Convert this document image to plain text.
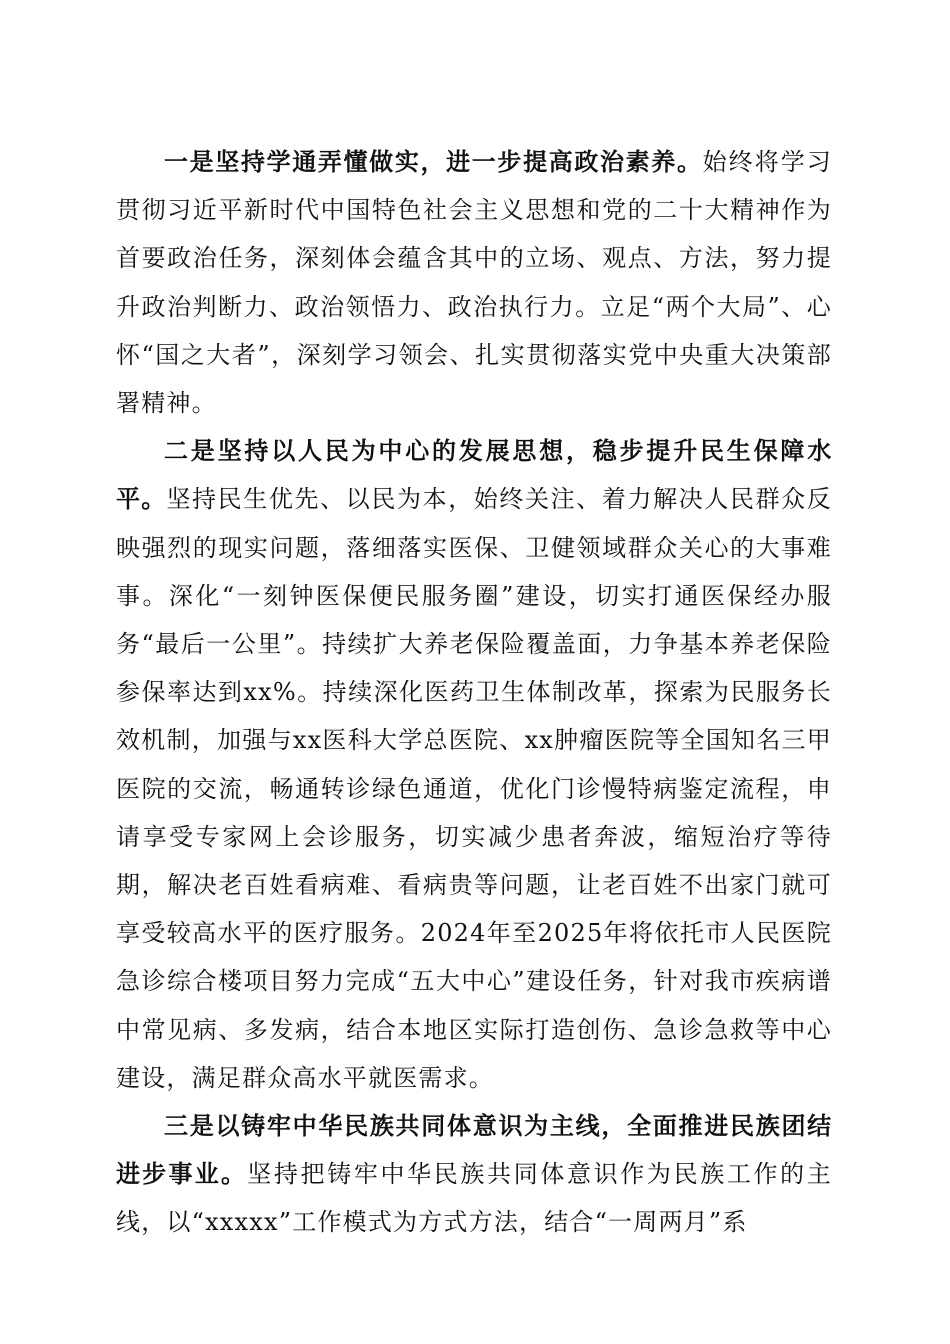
一是坚持学通弄懂做实，进一步提高政治素养。始终将学习贯彻习近平新时代中国特色社会主义思想和党的二十大精神作为首要政治任务，深刻体会蕴含其中的立场、观点、方法，努力提升政治判断力、政治领悟力、政治执行力。立足“两个大局”、心怀“国之大者”，深刻学习领会、扎实贯彻落实党中央重大决策部署精神。

二是坚持以人民为中心的发展思想，稳步提升民生保障水平。坚持民生优先、以民为本，始终关注、着力解决人民群众反映强烈的现实问题，落细落实医保、卫健领域群众关心的大事难事。深化“一刻钟医保便民服务圈”建设，切实打通医保经办服务“最后一公里”。持续扩大养老保险覆盖面，力争基本养老保险参保率达到xx%。持续深化医药卫生体制改革，探索为民服务长效机制，加强与xx医科大学总医院、xx肿瘤医院等全国知名三甲医院的交流，畅通转诊绿色通道，优化门诊慢特病鉴定流程，申请享受专家网上会诊服务，切实减少患者奔波，缩短治疗等待期，解决老百姓看病难、看病贵等问题，让老百姓不出家门就可享受较高水平的医疗服务。2024年至2025年将依托市人民医院急诊综合楼项目努力完成“五大中心”建设任务，针对我市疾病谱中常见病、多发病，结合本地区实际打造创伤、急诊急救等中心建设，满足群众高水平就医需求。

三是以铸牢中华民族共同体意识为主线，全面推进民族团结进步事业。坚持把铸牢中华民族共同体意识作为民族工作的主线，以“xxxxx”工作模式为方式方法，结合“一周两月”系
